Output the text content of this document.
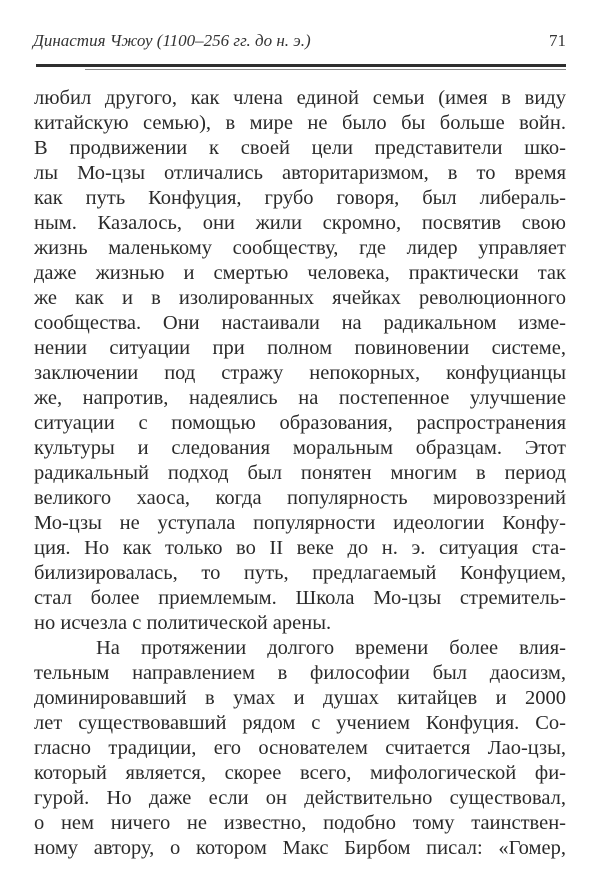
Династия Чжоу (1100–256 гг. до н. э.)	71
любил другого, как члена единой семьи (имея в виду
китайскую семью), в мире не было бы больше войн.
В продвижении к своей цели представители шко-
лы Мо-цзы отличались авторитаризмом, в то время
как путь Конфуция, грубо говоря, был либераль-
ным. Казалось, они жили скромно, посвятив свою
жизнь маленькому сообществу, где лидер управляет
даже жизнью и смертью человека, практически так
же как и в изолированных ячейках революционного
сообщества. Они настаивали на радикальном изме-
нении ситуации при полном повиновении системе,
заключении под стражу непокорных, конфуцианцы
же, напротив, надеялись на постепенное улучшение
ситуации с помощью образования, распространения
культуры и следования моральным образцам. Этот
радикальный подход был понятен многим в период
великого хаоса, когда популярность мировоззрений
Мо-цзы не уступала популярности идеологии Конфу-
ция. Но как только во II веке до н. э. ситуация ста-
билизировалась, то путь, предлагаемый Конфуцием,
стал более приемлемым. Школа Мо-цзы стремитель-
но исчезла с политической арены.
На протяжении долгого времени более влия-
тельным направлением в философии был даосизм,
доминировавший в умах и душах китайцев и 2000
лет существовавший рядом с учением Конфуция. Со-
гласно традиции, его основателем считается Лао-цзы,
который является, скорее всего, мифологической фи-
гурой. Но даже если он действительно существовал,
о нем ничего не известно, подобно тому таинствен-
ному автору, о котором Макс Бирбом писал: «Гомер,
